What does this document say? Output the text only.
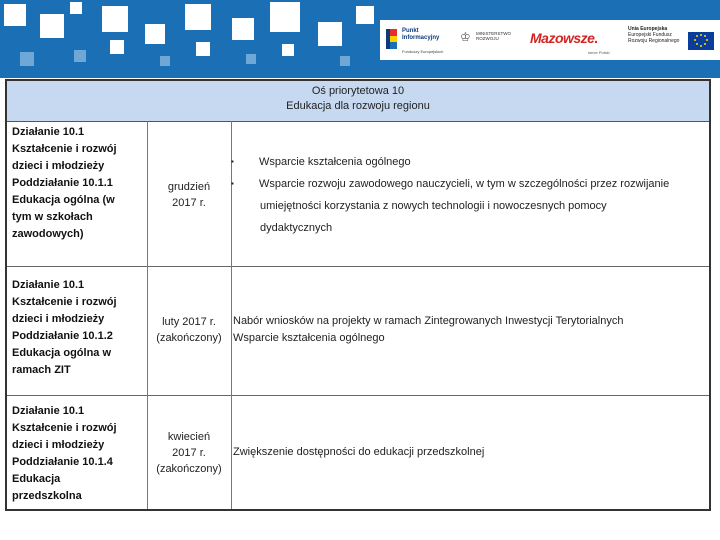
Punkt
Informacyjny
Funduszy Europejskich
♔ MINISTERSTWO
ROZWOJU	Mazowsze.
serce Polski
Unia Europejska
Europejski Fundusz
Rozwoju Regionalnego
Oś priorytetowa 10
Edukacja dla rozwoju regionu
Działanie 10.1
Kształcenie i rozwój
dzieci i młodzieży
Poddziałanie 10.1.1
Edukacja ogólna (w
tym w szkołach
zawodowych)
grudzień
2017 r.
▪ Wsparcie kształcenia ogólnego
▪ Wsparcie rozwoju zawodowego nauczycieli, w tym w szczególności przez rozwijanie
umiejętności korzystania z nowych technologii i nowoczesnych pomocy
dydaktycznych
Działanie 10.1
Kształcenie i rozwój
dzieci i młodzieży
Poddziałanie 10.1.2
Edukacja ogólna w
ramach ZIT
luty 2017 r.
(zakończony)
Nabór wniosków na projekty w ramach Zintegrowanych Inwestycji Terytorialnych
Wsparcie kształcenia ogólnego
Działanie 10.1
Kształcenie i rozwój
dzieci i młodzieży
Poddziałanie 10.1.4
Edukacja
przedszkolna
kwiecień
2017 r.
(zakończony)
Zwiększenie dostępności do edukacji przedszkolnej
